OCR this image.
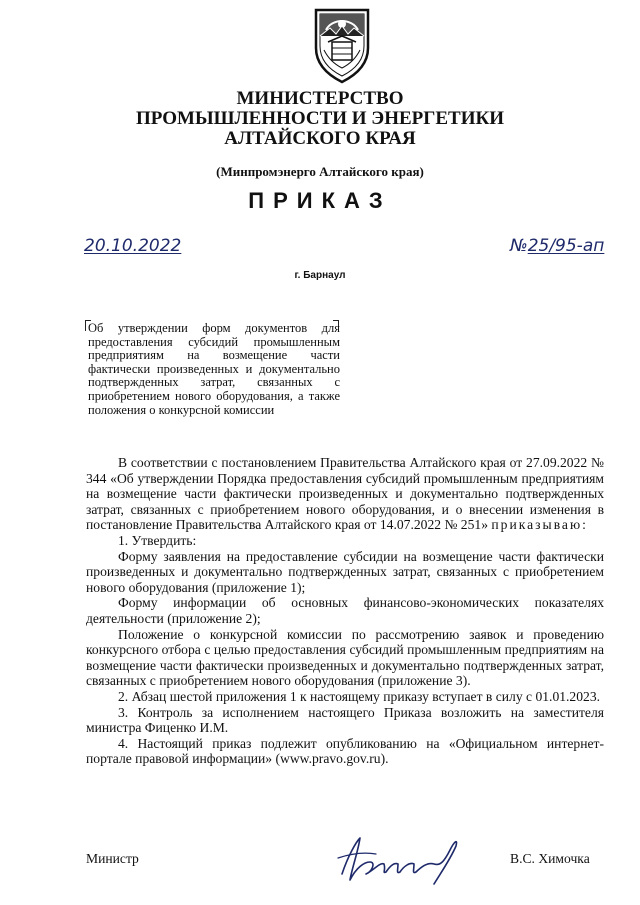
МИНИСТЕРСТВО
ПРОМЫШЛЕННОСТИ И ЭНЕРГЕТИКИ
АЛТАЙСКОГО КРАЯ
(Минпромэнерго Алтайского края)
ПРИКАЗ
20.10.2022	№25/95-ап
г. Барнаул
Об утверждении форм документов для предоставления субсидий промышленным предприятиям на возмещение части фактически произведенных и документально подтвержденных затрат, связанных с приобретением нового оборудования, а также положения о конкурсной комиссии

В соответствии с постановлением Правительства Алтайского края от 27.09.2022 № 344 «Об утверждении Порядка предоставления субсидий промышленным предприятиям на возмещение части фактически произведенных и документально подтвержденных затрат, связанных с приобретением нового оборудования, и о внесении изменения в постановление Правительства Алтайского края от 14.07.2022 № 251» приказываю:

1. Утвердить:

Форму заявления на предоставление субсидии на возмещение части фактически произведенных и документально подтвержденных затрат, связанных с приобретением нового оборудования (приложение 1);

Форму информации об основных финансово-экономических показателях деятельности (приложение 2);

Положение о конкурсной комиссии по рассмотрению заявок и проведению конкурсного отбора с целью предоставления субсидий промышленным предприятиям на возмещение части фактически произведенных и документально подтвержденных затрат, связанных с приобретением нового оборудования (приложение 3).

2. Абзац шестой приложения 1 к настоящему приказу вступает в силу с 01.01.2023.

3. Контроль за исполнением настоящего Приказа возложить на заместителя министра Фиценко И.М.

4. Настоящий приказ подлежит опубликованию на «Официальном интернет-портале правовой информации» (www.pravo.gov.ru).

Министр	В.С. Химочка
